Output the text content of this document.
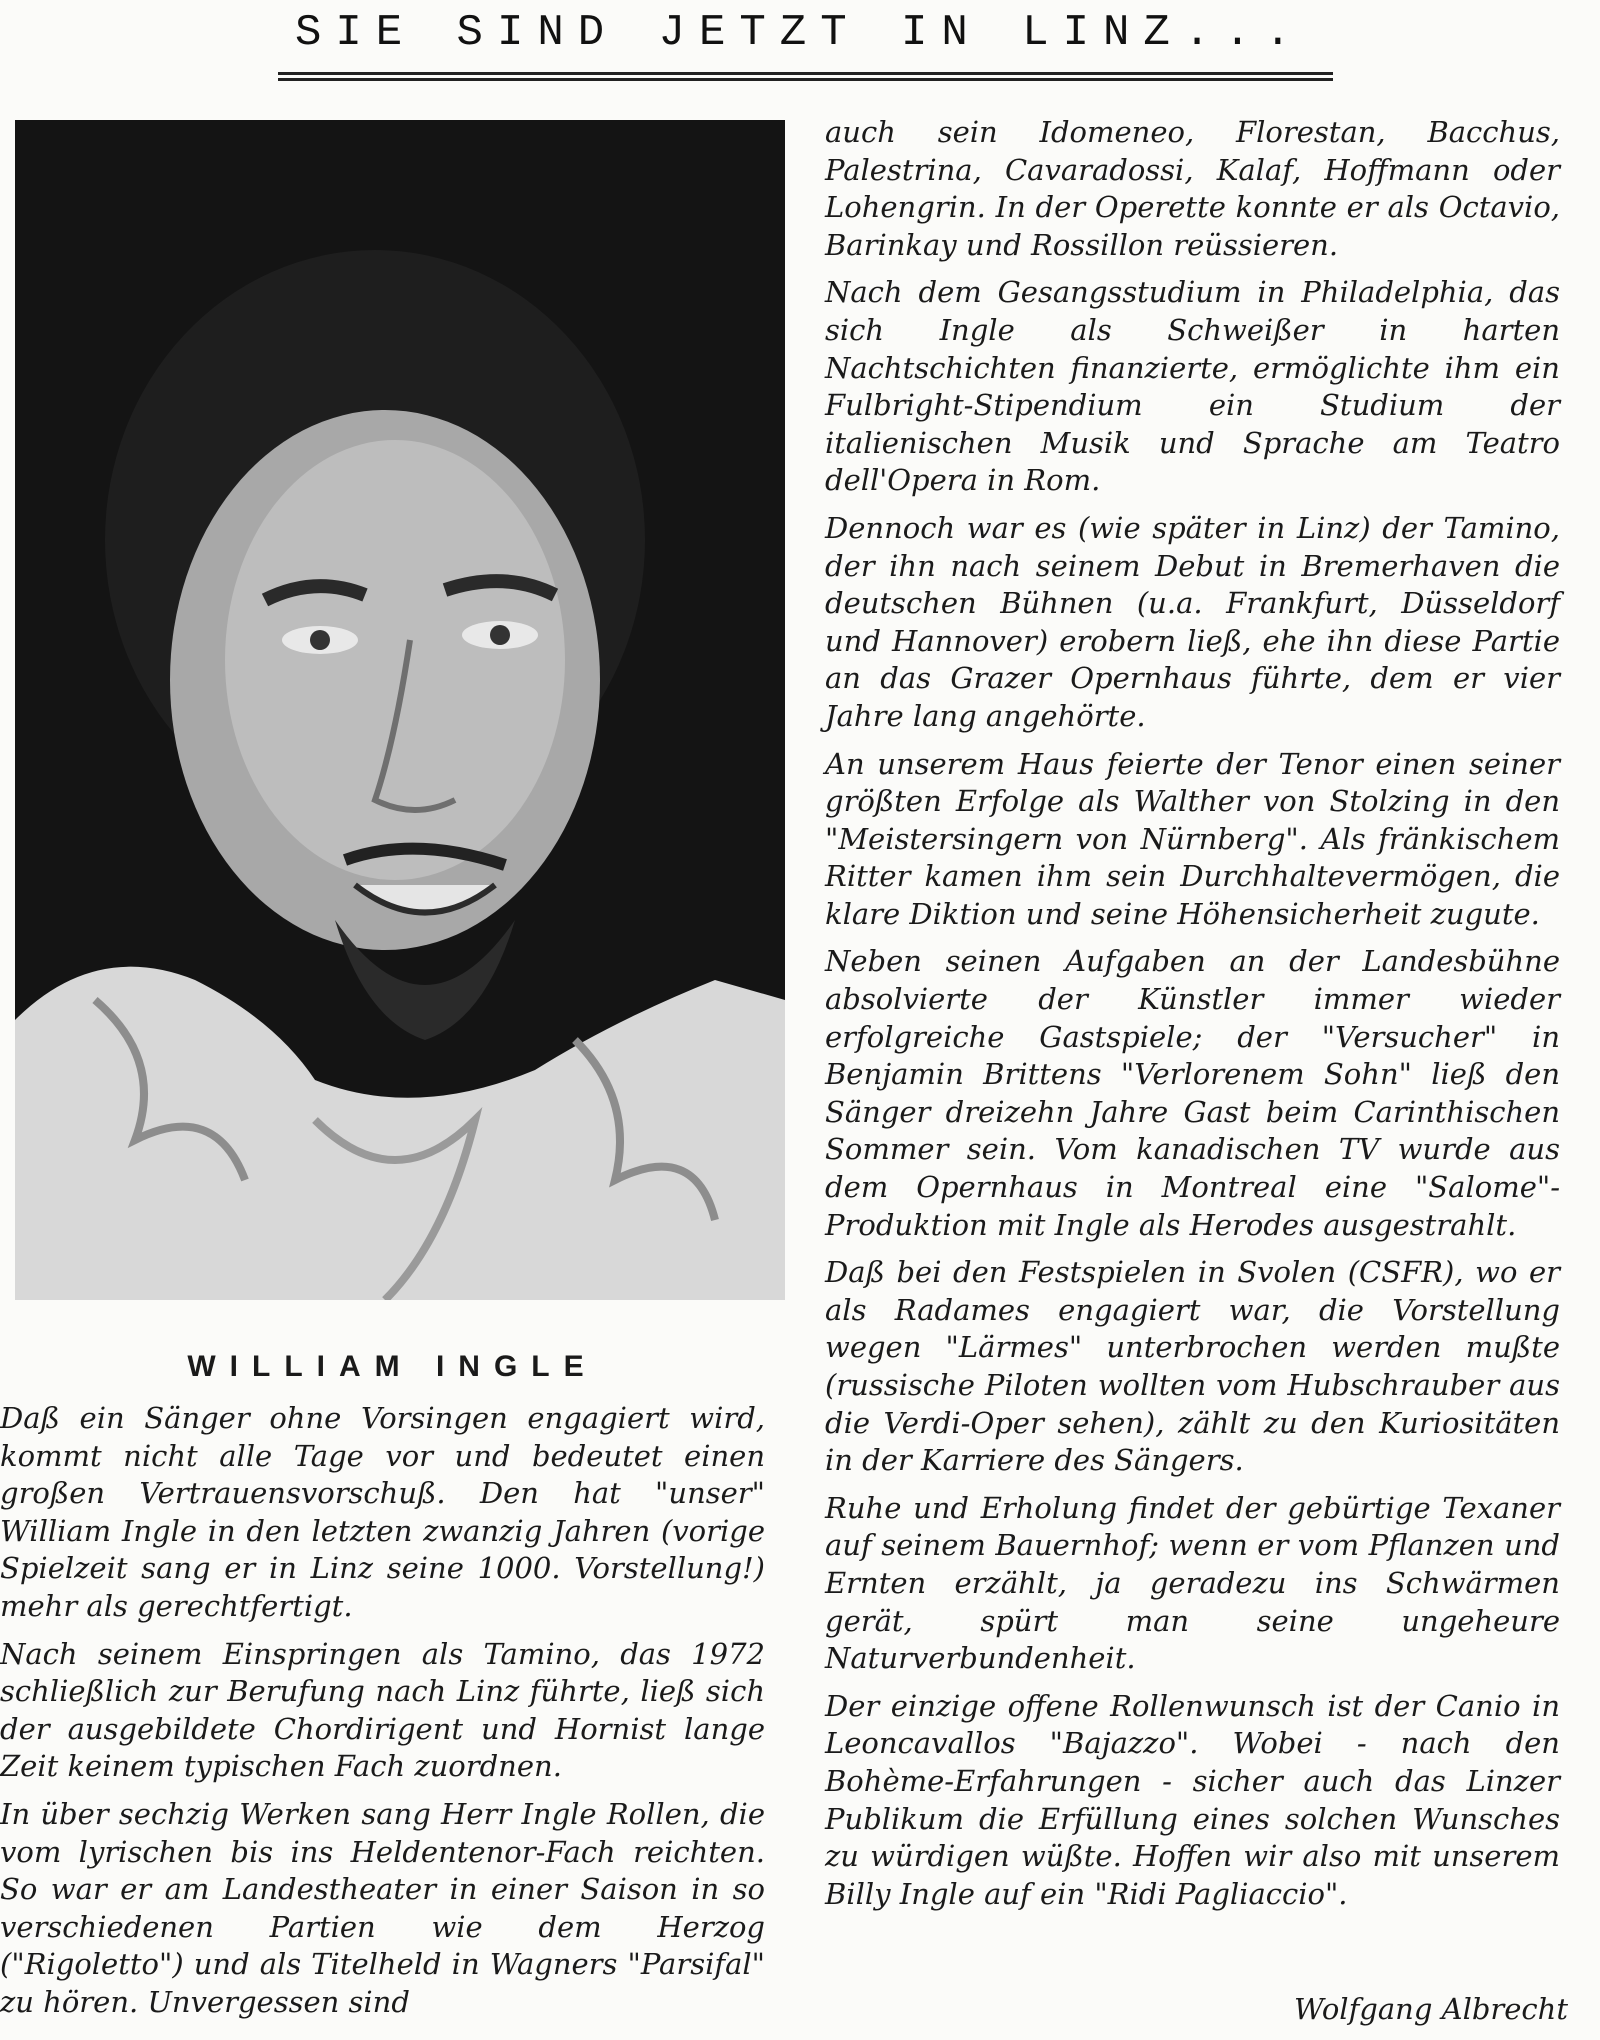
SIE SIND JETZT IN LINZ...
WILLIAM INGLE

Daß ein Sänger ohne Vorsingen engagiert wird, kommt nicht alle Tage vor und bedeutet einen großen Vertrauensvorschuß. Den hat "unser" William Ingle in den letzten zwanzig Jahren (vorige Spielzeit sang er in Linz seine 1000. Vorstellung!) mehr als gerechtfertigt.

Nach seinem Einspringen als Tamino, das 1972 schließlich zur Berufung nach Linz führte, ließ sich der ausgebildete Chordirigent und Hornist lange Zeit keinem typischen Fach zuordnen.

In über sechzig Werken sang Herr Ingle Rollen, die vom lyrischen bis ins Heldentenor-Fach reichten. So war er am Landestheater in einer Saison in so verschiedenen Partien wie dem Herzog ("Rigoletto") und als Titelheld in Wagners "Parsifal" zu hören. Unvergessen sind

auch sein Idomeneo, Florestan, Bacchus, Palestrina, Cavaradossi, Kalaf, Hoffmann oder Lohengrin. In der Operette konnte er als Octavio, Barinkay und Rossillon reüssieren.

Nach dem Gesangsstudium in Philadelphia, das sich Ingle als Schweißer in harten Nachtschichten finanzierte, ermöglichte ihm ein Fulbright-Stipendium ein Studium der italienischen Musik und Sprache am Teatro dell'Opera in Rom.

Dennoch war es (wie später in Linz) der Tamino, der ihn nach seinem Debut in Bremerhaven die deutschen Bühnen (u.a. Frankfurt, Düsseldorf und Hannover) erobern ließ, ehe ihn diese Partie an das Grazer Opernhaus führte, dem er vier Jahre lang angehörte.

An unserem Haus feierte der Tenor einen seiner größten Erfolge als Walther von Stolzing in den "Meistersingern von Nürnberg". Als fränkischem Ritter kamen ihm sein Durchhaltevermögen, die klare Diktion und seine Höhensicherheit zugute.

Neben seinen Aufgaben an der Landesbühne absolvierte der Künstler immer wieder erfolgreiche Gastspiele; der "Versucher" in Benjamin Brittens "Verlorenem Sohn" ließ den Sänger dreizehn Jahre Gast beim Carinthischen Sommer sein. Vom kanadischen TV wurde aus dem Opernhaus in Montreal eine "Salome"-Produktion mit Ingle als Herodes ausgestrahlt.

Daß bei den Festspielen in Svolen (CSFR), wo er als Radames engagiert war, die Vorstellung wegen "Lärmes" unterbrochen werden mußte (russische Piloten wollten vom Hubschrauber aus die Verdi-Oper sehen), zählt zu den Kuriositäten in der Karriere des Sängers.

Ruhe und Erholung findet der gebürtige Texaner auf seinem Bauernhof; wenn er vom Pflanzen und Ernten erzählt, ja geradezu ins Schwärmen gerät, spürt man seine ungeheure Naturverbundenheit.

Der einzige offene Rollenwunsch ist der Canio in Leoncavallos "Bajazzo". Wobei - nach den Bohème-Erfahrungen - sicher auch das Linzer Publikum die Erfüllung eines solchen Wunsches zu würdigen wüßte. Hoffen wir also mit unserem Billy Ingle auf ein "Ridi Pagliaccio".

Wolfgang Albrecht
